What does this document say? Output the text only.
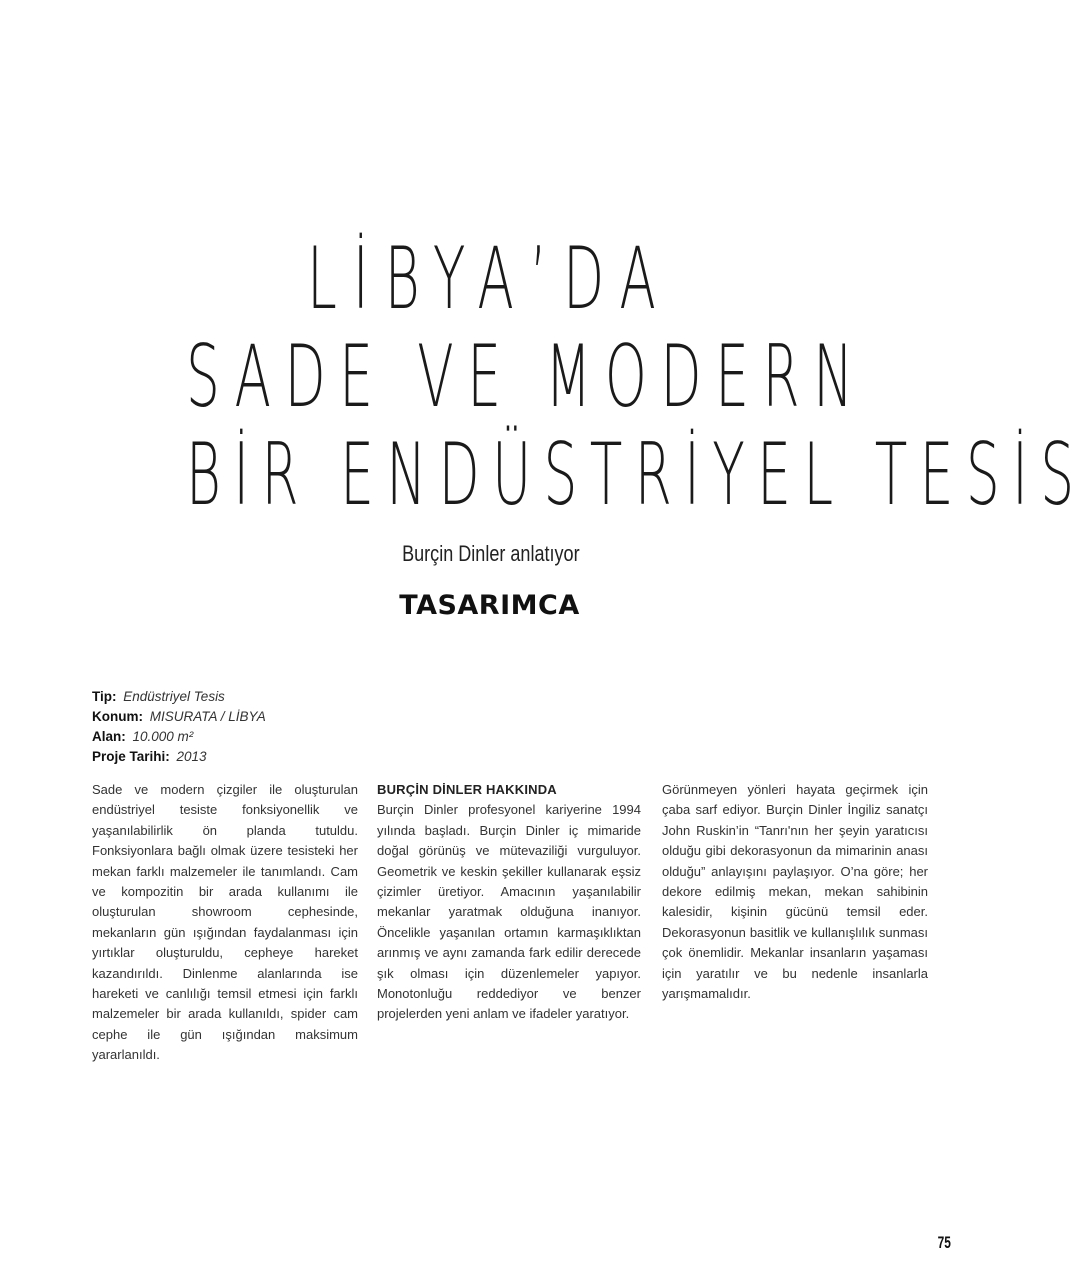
LİBYA’DA
SADE VE MODERN
BİR ENDÜSTRİYEL TESİS
Burçin Dinler anlatıyor
TASARIMCA
Tip: Endüstriyel Tesis
Konum: MISURATA / LİBYA
Alan: 10.000 m²
Proje Tarihi: 2013

Sade ve modern çizgiler ile oluşturulan endüstriyel tesiste fonksiyonellik ve yaşanılabilirlik ön planda tutuldu. Fonksiyonlara bağlı olmak üzere tesisteki her mekan farklı malzemeler ile tanımlandı. Cam ve kompozitin bir arada kullanımı ile oluşturulan showroom cephesinde, mekanların gün ışığından faydalanması için yırtıklar oluşturuldu, cepheye hareket kazandırıldı. Dinlenme alanlarında ise hareketi ve canlılığı temsil etmesi için farklı malzemeler bir arada kullanıldı, spider cam cephe ile gün ışığından maksimum yararlanıldı.

BURÇİN DİNLER HAKKINDA

Burçin Dinler profesyonel kariyerine 1994 yılında başladı. Burçin Dinler iç mimaride doğal görünüş ve mütevaziliği vurguluyor. Geometrik ve keskin şekiller kullanarak eşsiz çizimler üretiyor. Amacının yaşanılabilir mekanlar yaratmak olduğuna inanıyor. Öncelikle yaşanılan ortamın karmaşıklıktan arınmış ve aynı zamanda fark edilir derecede şık olması için düzenlemeler yapıyor. Monotonluğu reddediyor ve benzer projelerden yeni anlam ve ifadeler yaratıyor.

Görünmeyen yönleri hayata geçirmek için çaba sarf ediyor. Burçin Dinler İngiliz sanatçı John Ruskin’in “Tanrı'nın her şeyin yaratıcısı olduğu gibi dekorasyonun da mimarinin anası olduğu” anlayışını paylaşıyor. O’na göre; her dekore edilmiş mekan, mekan sahibinin kalesidir, kişinin gücünü temsil eder. Dekorasyonun basitlik ve kullanışlılık sunması çok önemlidir. Mekanlar insanların yaşaması için yaratılır ve bu nedenle insanlarla yarışmamalıdır.

75
